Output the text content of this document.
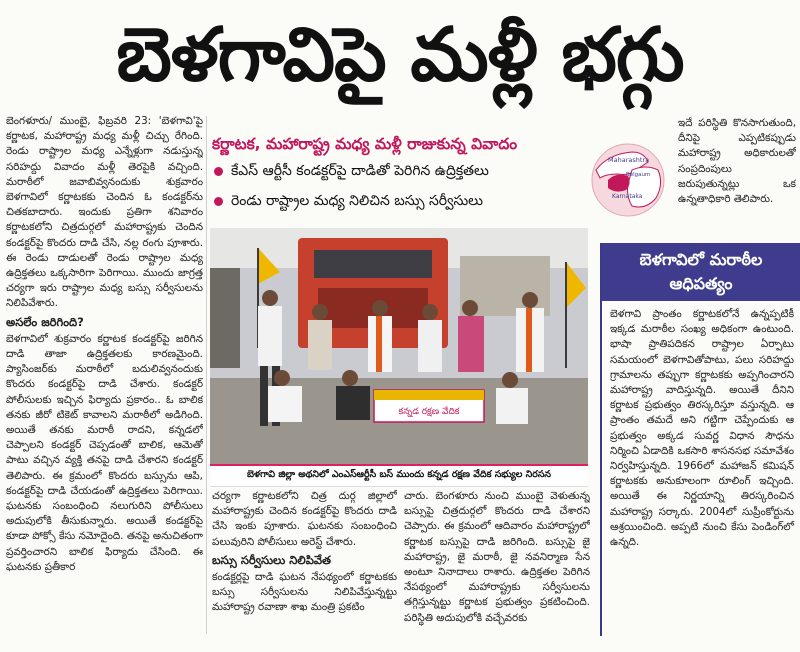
బెళగావిపై మళ్లీ భగ్గు

బెంగళూరు/ ముంబై, ఫిబ్రవరి 23: 'బెళగావి'పై కర్ణాటక, మహారాష్ట్ర మధ్య మళ్లీ చిచ్చు రేగింది. రెండు రాష్ట్రాల మధ్య ఎన్నేళ్లుగా నడుస్తున్న సరిహద్దు వివాదం మళ్లీ తెరపైకి వచ్చింది. మరాఠీలో జవాబివ్వనందుకు శుక్రవారం బెళగావిలో కర్ణాటకకు చెందిన ఓ కండక్టర్‌ను చితకబాదారు. ఇందుకు ప్రతిగా శనివారం కర్ణాటకలోని చిత్రదుర్గలో మహారాష్ట్రకు చెందిన కండక్టర్‌పై కొందరు దాడి చేసి, నల్ల రంగు పూశారు. ఈ రెండు దాడులతో రెండు రాష్ట్రాల మధ్య ఉద్రిక్తతలు ఒక్కసారిగా పెరిగాయి. ముందు జాగ్రత్త చర్యగా ఇరు రాష్ట్రాల మధ్య బస్సు సర్వీసులను నిలిపివేశారు.

అసలేం జరిగింది?

బెళగావిలో శుక్రవారం కర్ణాటక కండక్టర్‌పై జరిగిన దాడి తాజా ఉద్రిక్తతలకు కారణమైంది. ప్యాసింజర్‌కు మరాఠీలో బదులివ్వనందుకు కొందరు కండక్టర్‌పై దాడి చేశారు. కండక్టర్ పోలీసులకు ఇచ్చిన ఫిర్యాదు ప్రకారం.. ఓ బాలిక తనకు జీరో టికెట్ కావాలని మరాఠీలో అడిగింది. అయితే తనకు మరాఠీ రాదని, కన్నడలో చెప్పాలని కండక్టర్ చెప్పడంతో బాలిక, ఆమెతో పాటు వచ్చిన వ్యక్తి తనపై దాడి చేశారని కండక్టర్ తెలిపారు. ఈ క్రమంలో కొందరు బస్సును ఆపి, కండక్టర్‌పై దాడి చేయడంతో ఉద్రిక్తతలు పెరిగాయి. ఘటనకు సంబంధించి నలుగురిని పోలీసులు అదుపులోకి తీసుకున్నారు. అయితే కండక్టర్‌పై కూడా పోక్సో కేసు నమోదైంది. తనపై అనుచితంగా ప్రవర్తించారని బాలిక ఫిర్యాదు చేసింది. ఈ ఘటనకు ప్రతీకార

కర్ణాటక, మహారాష్ట్ర మధ్య మళ్లీ రాజుకున్న వివాదం
కేఎస్ ఆర్టీసీ కండక్టర్‌పై దాడితో పెరిగిన ఉద్రిక్తతలు
రెండు రాష్ట్రాల మధ్య నిలిచిన బస్సు సర్వీసులు
Maharashtra
Belgaum
Karnataka
ఇదే పరిస్థితి కొనసాగుతుంది, దీనిపై ఎప్పటికప్పుడు మహారాష్ట్ర అధికారులతో సంప్రదింపులు జరుపుతున్నట్లు ఒక ఉన్నతాధికారి తెలిపారు.
కన్నడ రక్షణ వేదిక
బెళగావి జిల్లా అథనిలో ఎంఎస్ఆర్టీసీ బస్ ముందు కన్నడ రక్షణ వేదిక సభ్యుల నిరసన

చర్యగా కర్ణాటకలోని చిత్ర దుర్గ జిల్లాలో మహారాష్ట్రకు చెందిన కండక్టర్‌పై కొందరు దాడి చేసి ఇంకు పూశారు. ఘటనకు సంబంధించి పలువురిని పోలీసులు అరెస్ట్ చేశారు.

బస్సు సర్వీసులు నిలిపివేత

కండక్టర్లపై దాడి ఘటన నేపథ్యంలో కర్ణాటకకు బస్సు సర్వీసులను నిలిపివేస్తున్నట్టు మహారాష్ట్ర రవాణా శాఖ మంత్రి ప్రకటిం

చారు. బెంగళూరు నుంచి ముంబై వెళుతున్న బస్సుపై చిత్రదుర్గలో కొందరు దాడి చేశారని చెప్పారు. ఈ క్రమంలో ఆదివారం మహారాష్ట్రలో కర్ణాటక బస్సుపై దాడి జరిగింది. బస్సుపై జై మహారాష్ట్ర, జై మరాఠీ, జై నవనిర్మాణ సేన అంటూ నినాదాలు రాశారు. ఉద్రిక్తతల పెరిగిన నేపథ్యంలో మహారాష్ట్రకు సర్వీసులను తగ్గిస్తున్నట్టు కర్ణాటక ప్రభుత్వం ప్రకటించింది. పరిస్థితి అదుపులోకి వచ్చేవరకు

బెళగావిలో మరాఠీల ఆధిపత్యం
బెళగావి ప్రాంతం కర్ణాటకలోనే ఉన్నప్పటికీ ఇక్కడ మరాఠీల సంఖ్య అధికంగా ఉంటుంది. భాషా ప్రాతిపదికన రాష్ట్రాల ఏర్పాటు సమయంలో బెళగావితోపాటు, పలు సరిహద్దు గ్రామాలను తప్పుగా కర్ణాటకకు అప్పగించారని మహారాష్ట్ర వాదిస్తున్నది. అయితే దీనిని కర్ణాటక ప్రభుత్వం తిరస్కరిస్తూ వస్తున్నది. ఆ ప్రాంతం తమదే అని గట్టిగా చెప్పేందుకు ఆ ప్రభుత్వం అక్కడ సువర్ణ విధాన సౌధను నిర్మించి ఏడాదికి ఒకసారి శాసనసభ సమావేశం నిర్వహిస్తున్నది. 1966లో మహాజన్ కమిషన్ కర్ణాటకకు అనుకూలంగా రూలింగ్ ఇచ్చింది. అయితే ఈ నిర్ణయాన్ని తిరస్కరించిన మహారాష్ట్ర సర్కారు. 2004లో సుప్రీంకోర్టును ఆశ్రయించింది. అప్పటి నుంచి కేసు పెండింగ్‌లో ఉన్నది.
